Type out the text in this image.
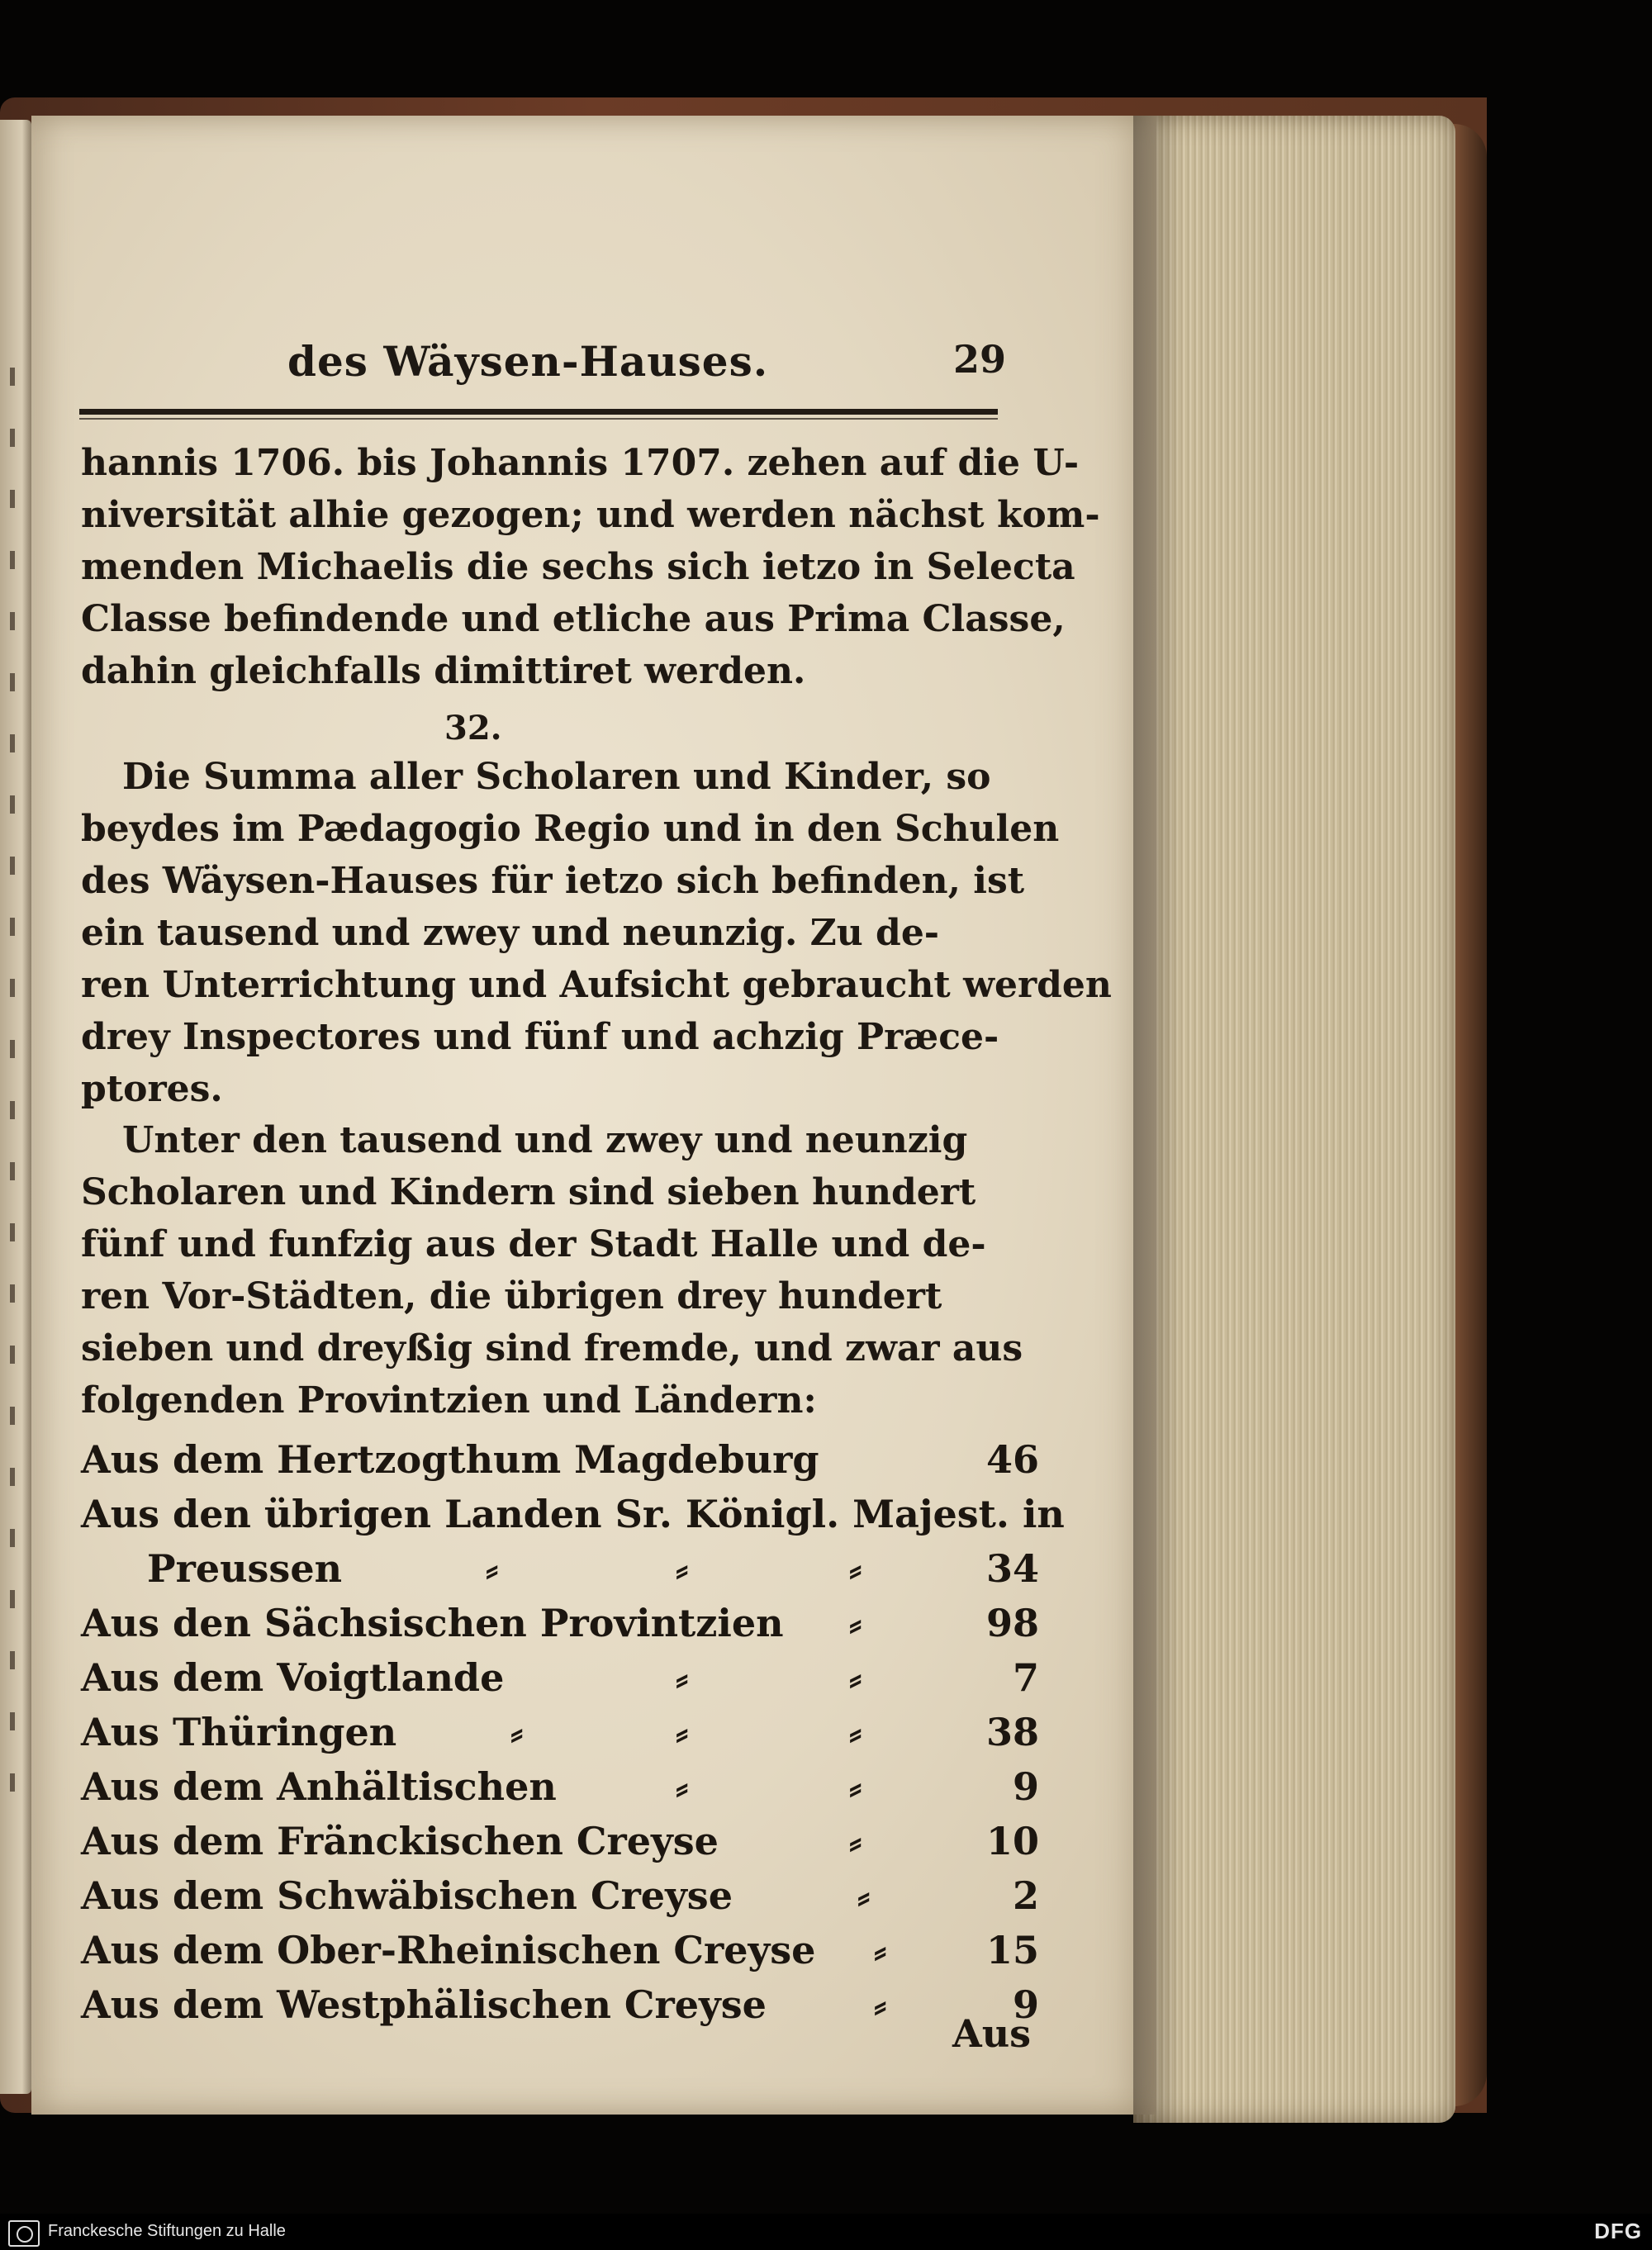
des Wäysen-Hauses.	29
hannis 1706. bis Johannis 1707. zehen auf die U-
niversität alhie gezogen; und werden nächst kom-
menden Michaelis die sechs sich ietzo in Selecta
Classe befindende und etliche aus Prima Classe,
dahin gleichfalls dimittiret werden.
32.
Die Summa aller Scholaren und Kinder, so
beydes im Pædagogio Regio und in den Schulen
des Wäysen-Hauses für ietzo sich befinden, ist
ein tausend und zwey und neunzig. Zu de-
ren Unterrichtung und Aufsicht gebraucht werden
drey Inspectores und fünf und achzig Præce-
ptores.
Unter den tausend und zwey und neunzig
Scholaren und Kindern sind sieben hundert
fünf und funfzig aus der Stadt Halle und de-
ren Vor-Städten, die übrigen drey hundert
sieben und dreyßig sind fremde, und zwar aus
folgenden Provintzien und Ländern:
Aus dem Hertzogthum Magdeburg	46
Aus den übrigen Landen Sr. Königl. Majest. in
Preussen	⸗	⸗	⸗	34
Aus den Sächsischen Provintzien ⸗	98
Aus dem Voigtlande	⸗	⸗	7
Aus Thüringen	⸗	⸗	⸗	38
Aus dem Anhältischen	⸗	⸗	9
Aus dem Fränckischen Creyse	⸗	10
Aus dem Schwäbischen Creyse	⸗	2
Aus dem Ober-Rheinischen Creyse ⸗	15
Aus dem Westphälischen Creyse	⸗	9
Aus
Franckesche Stiftungen zu Halle	DFG
